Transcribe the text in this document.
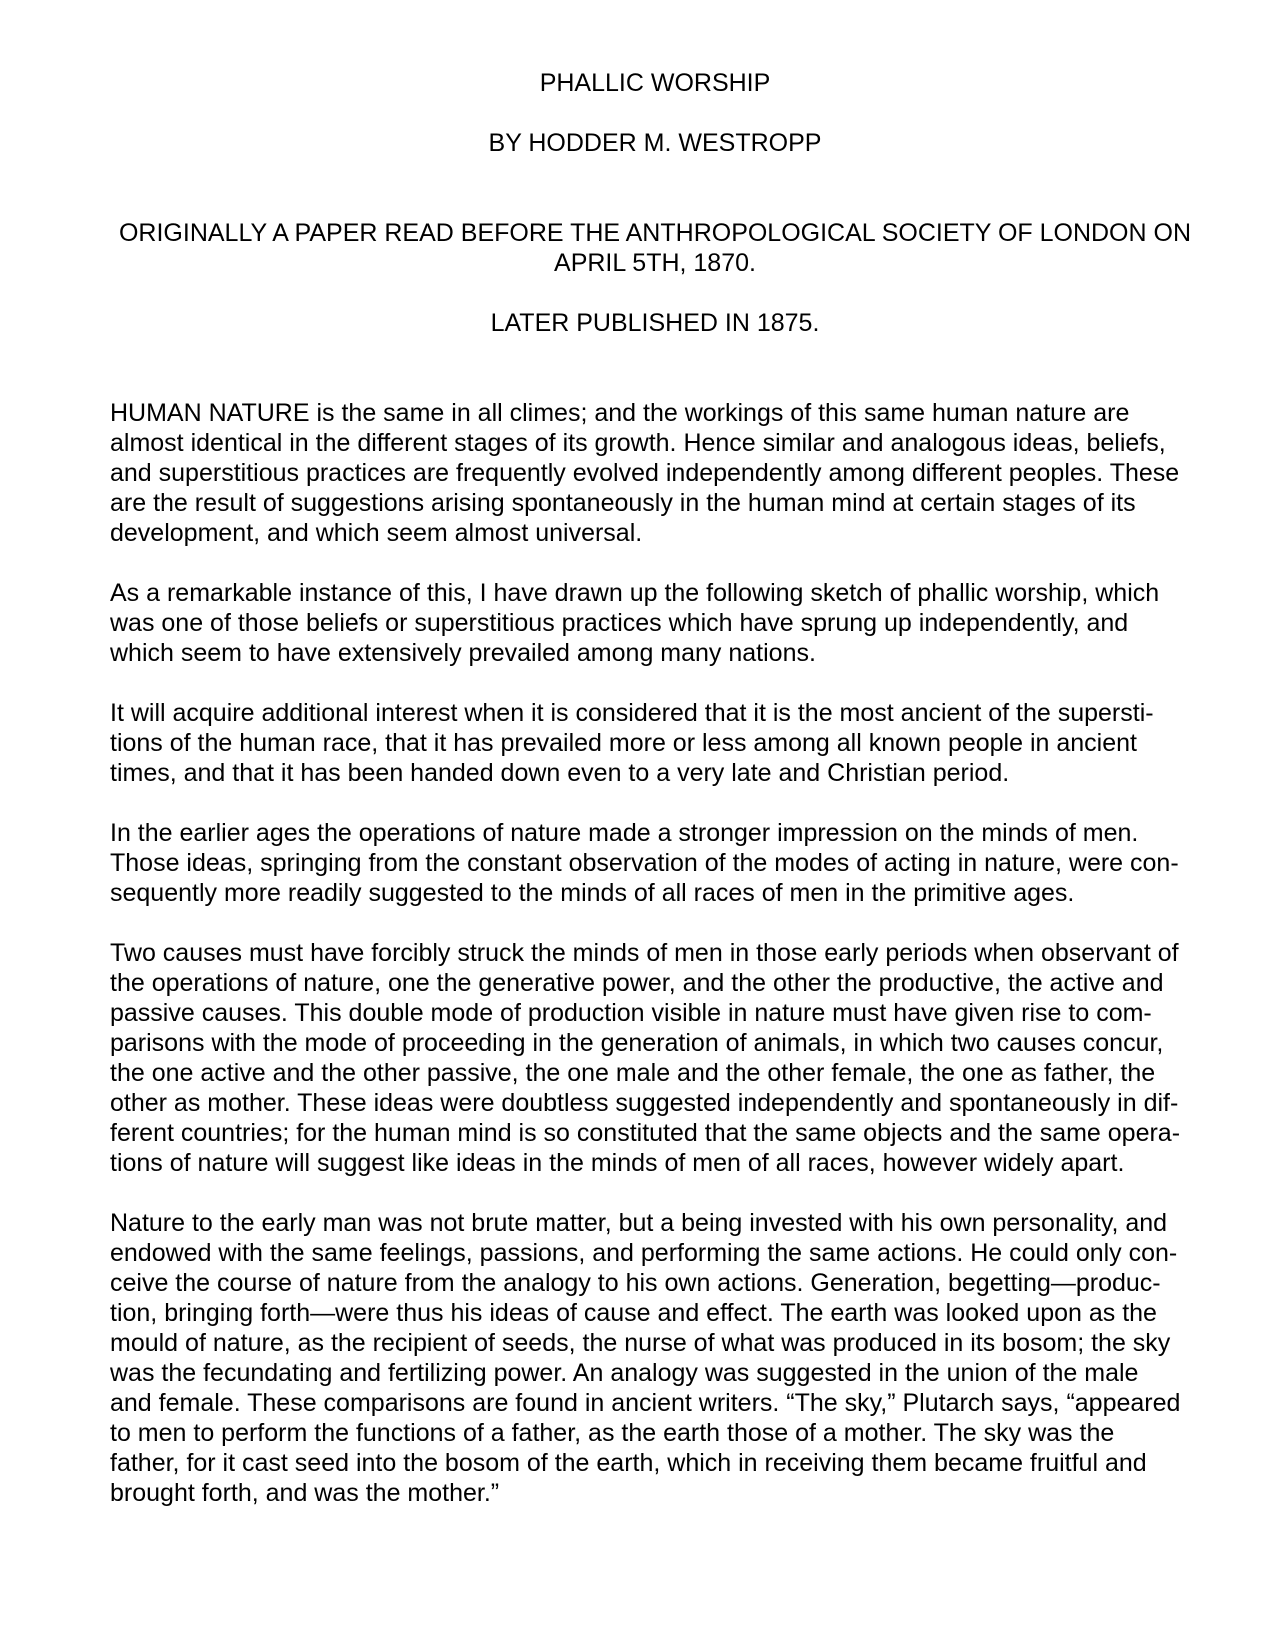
PHALLIC WORSHIP
BY HODDER M. WESTROPP
ORIGINALLY A PAPER READ BEFORE THE ANTHROPOLOGICAL SOCIETY OF LONDON ON
APRIL 5TH, 1870.
LATER PUBLISHED IN 1875.
HUMAN NATURE is the same in all climes; and the workings of this same human nature are
almost identical in the different stages of its growth. Hence similar and analogous ideas, beliefs,
and superstitious practices are frequently evolved independently among different peoples. These
are the result of suggestions arising spontaneously in the human mind at certain stages of its
development, and which seem almost universal.
As a remarkable instance of this, I have drawn up the following sketch of phallic worship, which
was one of those beliefs or superstitious practices which have sprung up independently, and
which seem to have extensively prevailed among many nations.
It will acquire additional interest when it is considered that it is the most ancient of the supersti-
tions of the human race, that it has prevailed more or less among all known people in ancient
times, and that it has been handed down even to a very late and Christian period.
In the earlier ages the operations of nature made a stronger impression on the minds of men.
Those ideas, springing from the constant observation of the modes of acting in nature, were con-
sequently more readily suggested to the minds of all races of men in the primitive ages.
Two causes must have forcibly struck the minds of men in those early periods when observant of
the operations of nature, one the generative power, and the other the productive, the active and
passive causes. This double mode of production visible in nature must have given rise to com-
parisons with the mode of proceeding in the generation of animals, in which two causes concur,
the one active and the other passive, the one male and the other female, the one as father, the
other as mother. These ideas were doubtless suggested independently and spontaneously in dif-
ferent countries; for the human mind is so constituted that the same objects and the same opera-
tions of nature will suggest like ideas in the minds of men of all races, however widely apart.
Nature to the early man was not brute matter, but a being invested with his own personality, and
endowed with the same feelings, passions, and performing the same actions. He could only con-
ceive the course of nature from the analogy to his own actions. Generation, begetting—produc-
tion, bringing forth—were thus his ideas of cause and effect. The earth was looked upon as the
mould of nature, as the recipient of seeds, the nurse of what was produced in its bosom; the sky
was the fecundating and fertilizing power. An analogy was suggested in the union of the male
and female. These comparisons are found in ancient writers. “The sky,” Plutarch says, “appeared
to men to perform the functions of a father, as the earth those of a mother. The sky was the
father, for it cast seed into the bosom of the earth, which in receiving them became fruitful and
brought forth, and was the mother.”
